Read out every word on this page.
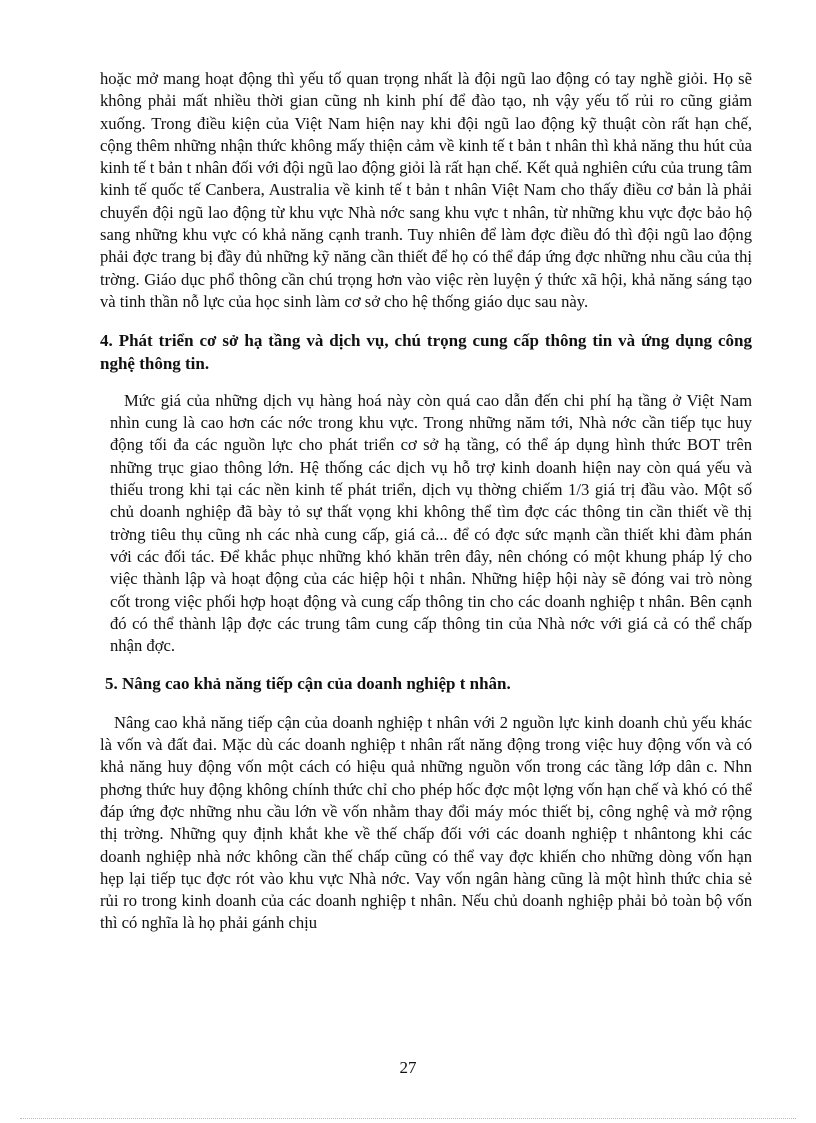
hoặc mở mang hoạt động thì yếu tố quan trọng nhất là đội ngũ lao động có tay nghề giỏi. Họ sẽ không phải mất nhiều thời gian cũng nh kinh phí để đào tạo, nh vậy yếu tố rủi ro cũng giảm xuống. Trong điều kiện của Việt Nam hiện nay khi đội ngũ lao động kỹ thuật còn rất hạn chế, cộng thêm những nhận thức không mấy thiện cảm về kinh tế t bản t nhân thì khả năng thu hút của kinh tế t bản t nhân đối với đội ngũ lao động giỏi là rất hạn chế. Kết quả nghiên cứu của trung tâm kinh tế quốc tế Canbera, Australia về kinh tế t bản t nhân Việt Nam cho thấy điều cơ bản là phải chuyển đội ngũ lao động từ khu vực Nhà nớc sang khu vực t nhân, từ những khu vực đợc bảo hộ sang những khu vực có khả năng cạnh tranh. Tuy nhiên để làm đợc điều đó thì đội ngũ lao động phải đợc trang bị đầy đủ những kỹ năng cần thiết để họ có thể đáp ứng đợc những nhu cầu của thị trờng. Giáo dục phổ thông cần chú trọng hơn vào việc rèn luyện ý thức xã hội, khả năng sáng tạo và tinh thần nỗ lực của học sinh làm cơ sở cho hệ thống giáo dục sau này.

4. Phát triển cơ sở hạ tầng và dịch vụ, chú trọng cung cấp thông tin và ứng dụng công nghệ thông tin.

Mức giá của những dịch vụ hàng hoá này còn quá cao dẫn đến chi phí hạ tầng ở Việt Nam nhìn cung là cao hơn các nớc trong khu vực. Trong những năm tới, Nhà nớc cần tiếp tục huy động tối đa các nguồn lực cho phát triển cơ sở hạ tầng, có thể áp dụng hình thức BOT trên những trục giao thông lớn. Hệ thống các dịch vụ hỗ trợ kinh doanh hiện nay còn quá yếu và thiếu trong khi tại các nền kinh tế phát triển, dịch vụ thờng chiếm 1/3 giá trị đầu vào. Một số chủ doanh nghiệp đã bày tỏ sự thất vọng khi không thể tìm đợc các thông tin cần thiết về thị trờng tiêu thụ cũng nh các nhà cung cấp, giá cả... để có đợc sức mạnh cần thiết khi đàm phán với các đối tác. Để khắc phục những khó khăn trên đây, nên chóng có một khung pháp lý cho việc thành lập và hoạt động của các hiệp hội t nhân. Những hiệp hội này sẽ đóng vai trò nòng cốt trong việc phối hợp hoạt động và cung cấp thông tin cho các doanh nghiệp t nhân. Bên cạnh đó có thể thành lập đợc các trung tâm cung cấp thông tin của Nhà nớc với giá cả có thể chấp nhận đợc.

5. Nâng cao khả năng tiếp cận của doanh nghiệp t nhân.

Nâng cao khả năng tiếp cận của doanh nghiệp t nhân với 2 nguồn lực kinh doanh chủ yếu khác là vốn và đất đai. Mặc dù các doanh nghiệp t nhân rất năng động trong việc huy động vốn và có khả năng huy động vốn một cách có hiệu quả những nguồn vốn trong các tầng lớp dân c. Nhn phơng thức huy động không chính thức chỉ cho phép hốc đợc một lợng vốn hạn chế và khó có thể đáp ứng đợc những nhu cầu lớn về vốn nhằm thay đổi máy móc thiết bị, công nghệ và mở rộng thị trờng. Những quy định khắt khe về thế chấp đối với các doanh nghiệp t nhântong khi các doanh nghiệp nhà nớc không cần thế chấp cũng có thể vay đợc khiến cho những dòng vốn hạn hẹp lại tiếp tục đợc rót vào khu vực Nhà nớc. Vay vốn ngân hàng cũng là một hình thức chia sẻ rủi ro trong kinh doanh của các doanh nghiệp t nhân. Nếu chủ doanh nghiệp phải bỏ toàn bộ vốn thì có nghĩa là họ phải gánh chịu

27
